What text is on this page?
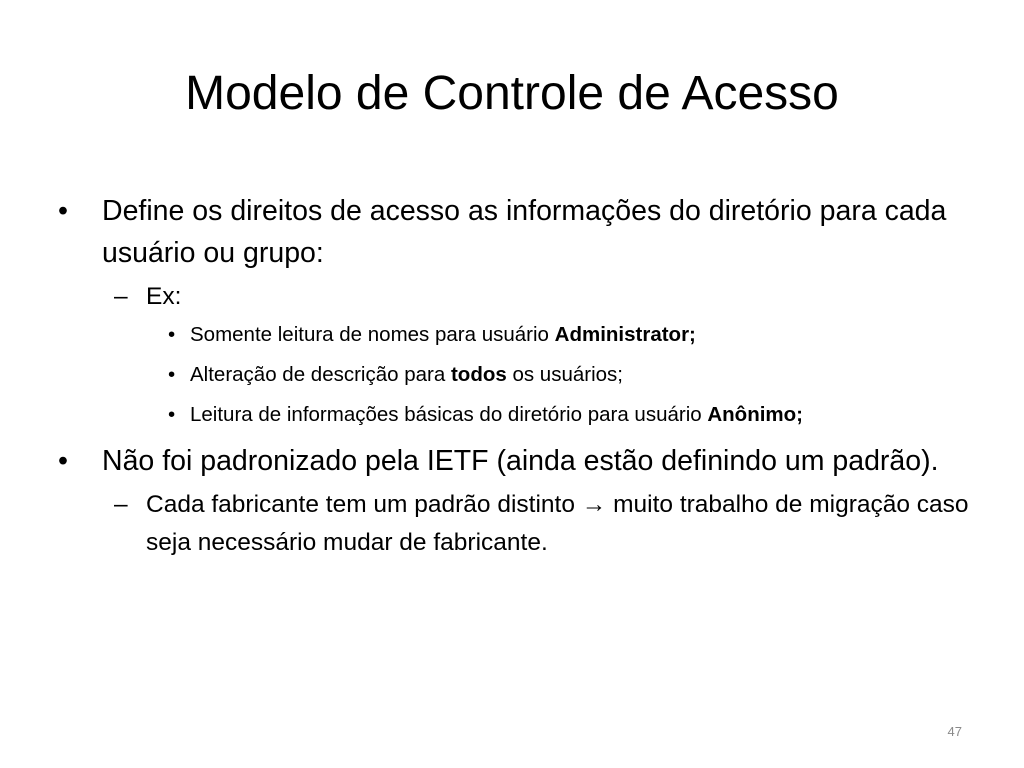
Modelo de Controle de Acesso

• Define os direitos de acesso as informações do diretório para cada usuário ou grupo:

– Ex:

• Somente leitura de nomes para usuário Administrator;

• Alteração de descrição para todos os usuários;

• Leitura de informações básicas do diretório para usuário Anônimo;

• Não foi padronizado pela IETF (ainda estão definindo um padrão).

– Cada fabricante tem um padrão distinto → muito trabalho de migração caso seja necessário mudar de fabricante.

47
